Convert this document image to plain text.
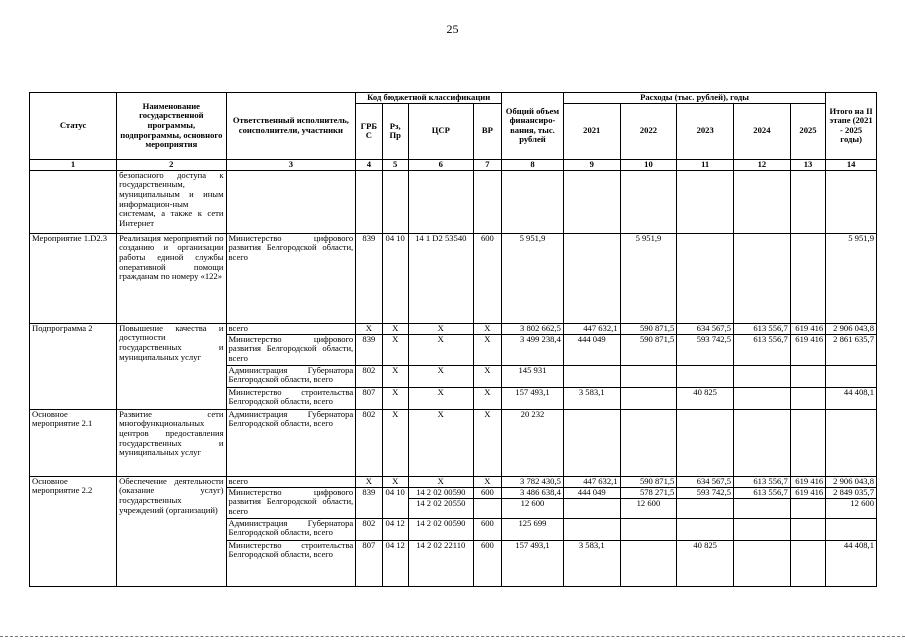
25
Статус	Наименование государственной программы, подпрограммы, основного мероприятия	Ответственный исполнитель, соисполнители, участники	Код бюджетной классификации				Общий объем финансиро-вания, тыс. рублей	Расходы (тыс. рублей), годы					Итого на II этапе (2021 - 2025 годы)
			ГРБС	Рз, Пр	ЦСР	ВР		2021	2022	2023	2024	2025	
1	2	3	4	5	6	7	8	9	10	11	12	13	14
	безопасного доступа к государственным, муниципальным и иным информацион-ным системам, а также к сети Интернет												
Мероприятие 1.D2.3	Реализация мероприятий по созданию и организации работы единой службы оперативной помощи гражданам по номеру «122»	Министерство цифрового развития Белгородской области, всего	839	04 10	14 1 D2 53540	600	5 951,9		5 951,9				5 951,9
Подпрограмма 2	Повышение качества и доступности государственных и муниципальных услуг	всего	Х	Х	Х	Х	3 802 662,5	447 632,1	590 871,5	634 567,5	613 556,7	619 416	2 906 043,8
		Министерство цифрового развития Белгородской области, всего	839	Х	Х	Х	3 499 238,4	444 049	590 871,5	593 742,5	613 556,7	619 416	2 861 635,7
		Администрация Губернатора Белгородской области, всего	802	Х	Х	Х	145 931						
		Министерство строительства Белгородской области, всего	807	Х	Х	Х	157 493,1	3 583,1		40 825			44 408,1
Основное мероприятие 2.1	Развитие сети многофункциональных центров предоставления государственных и муниципальных услуг	Администрация Губернатора Белгородской области, всего	802	Х	Х	Х	20 232						
Основное мероприятие 2.2	Обеспечение деятельности (оказание услуг) государственных учреждений (организаций)	всего	Х	Х	Х	Х	3 782 430,5	447 632,1	590 871,5	634 567,5	613 556,7	619 416	2 906 043,8
		Министерство цифрового развития Белгородской области, всего	839	04 10	14 2 02 00590	600	3 486 638,4	444 049	578 271,5	593 742,5	613 556,7	619 416	2 849 035,7
					14 2 02 20550		12 600		12 600				12 600
		Администрация Губернатора Белгородской области, всего	802	04 12	14 2 02 00590	600	125 699						
		Министерство строительства Белгородской области, всего	807	04 12	14 2 02 22110	600	157 493,1	3 583,1		40 825			44 408,1
